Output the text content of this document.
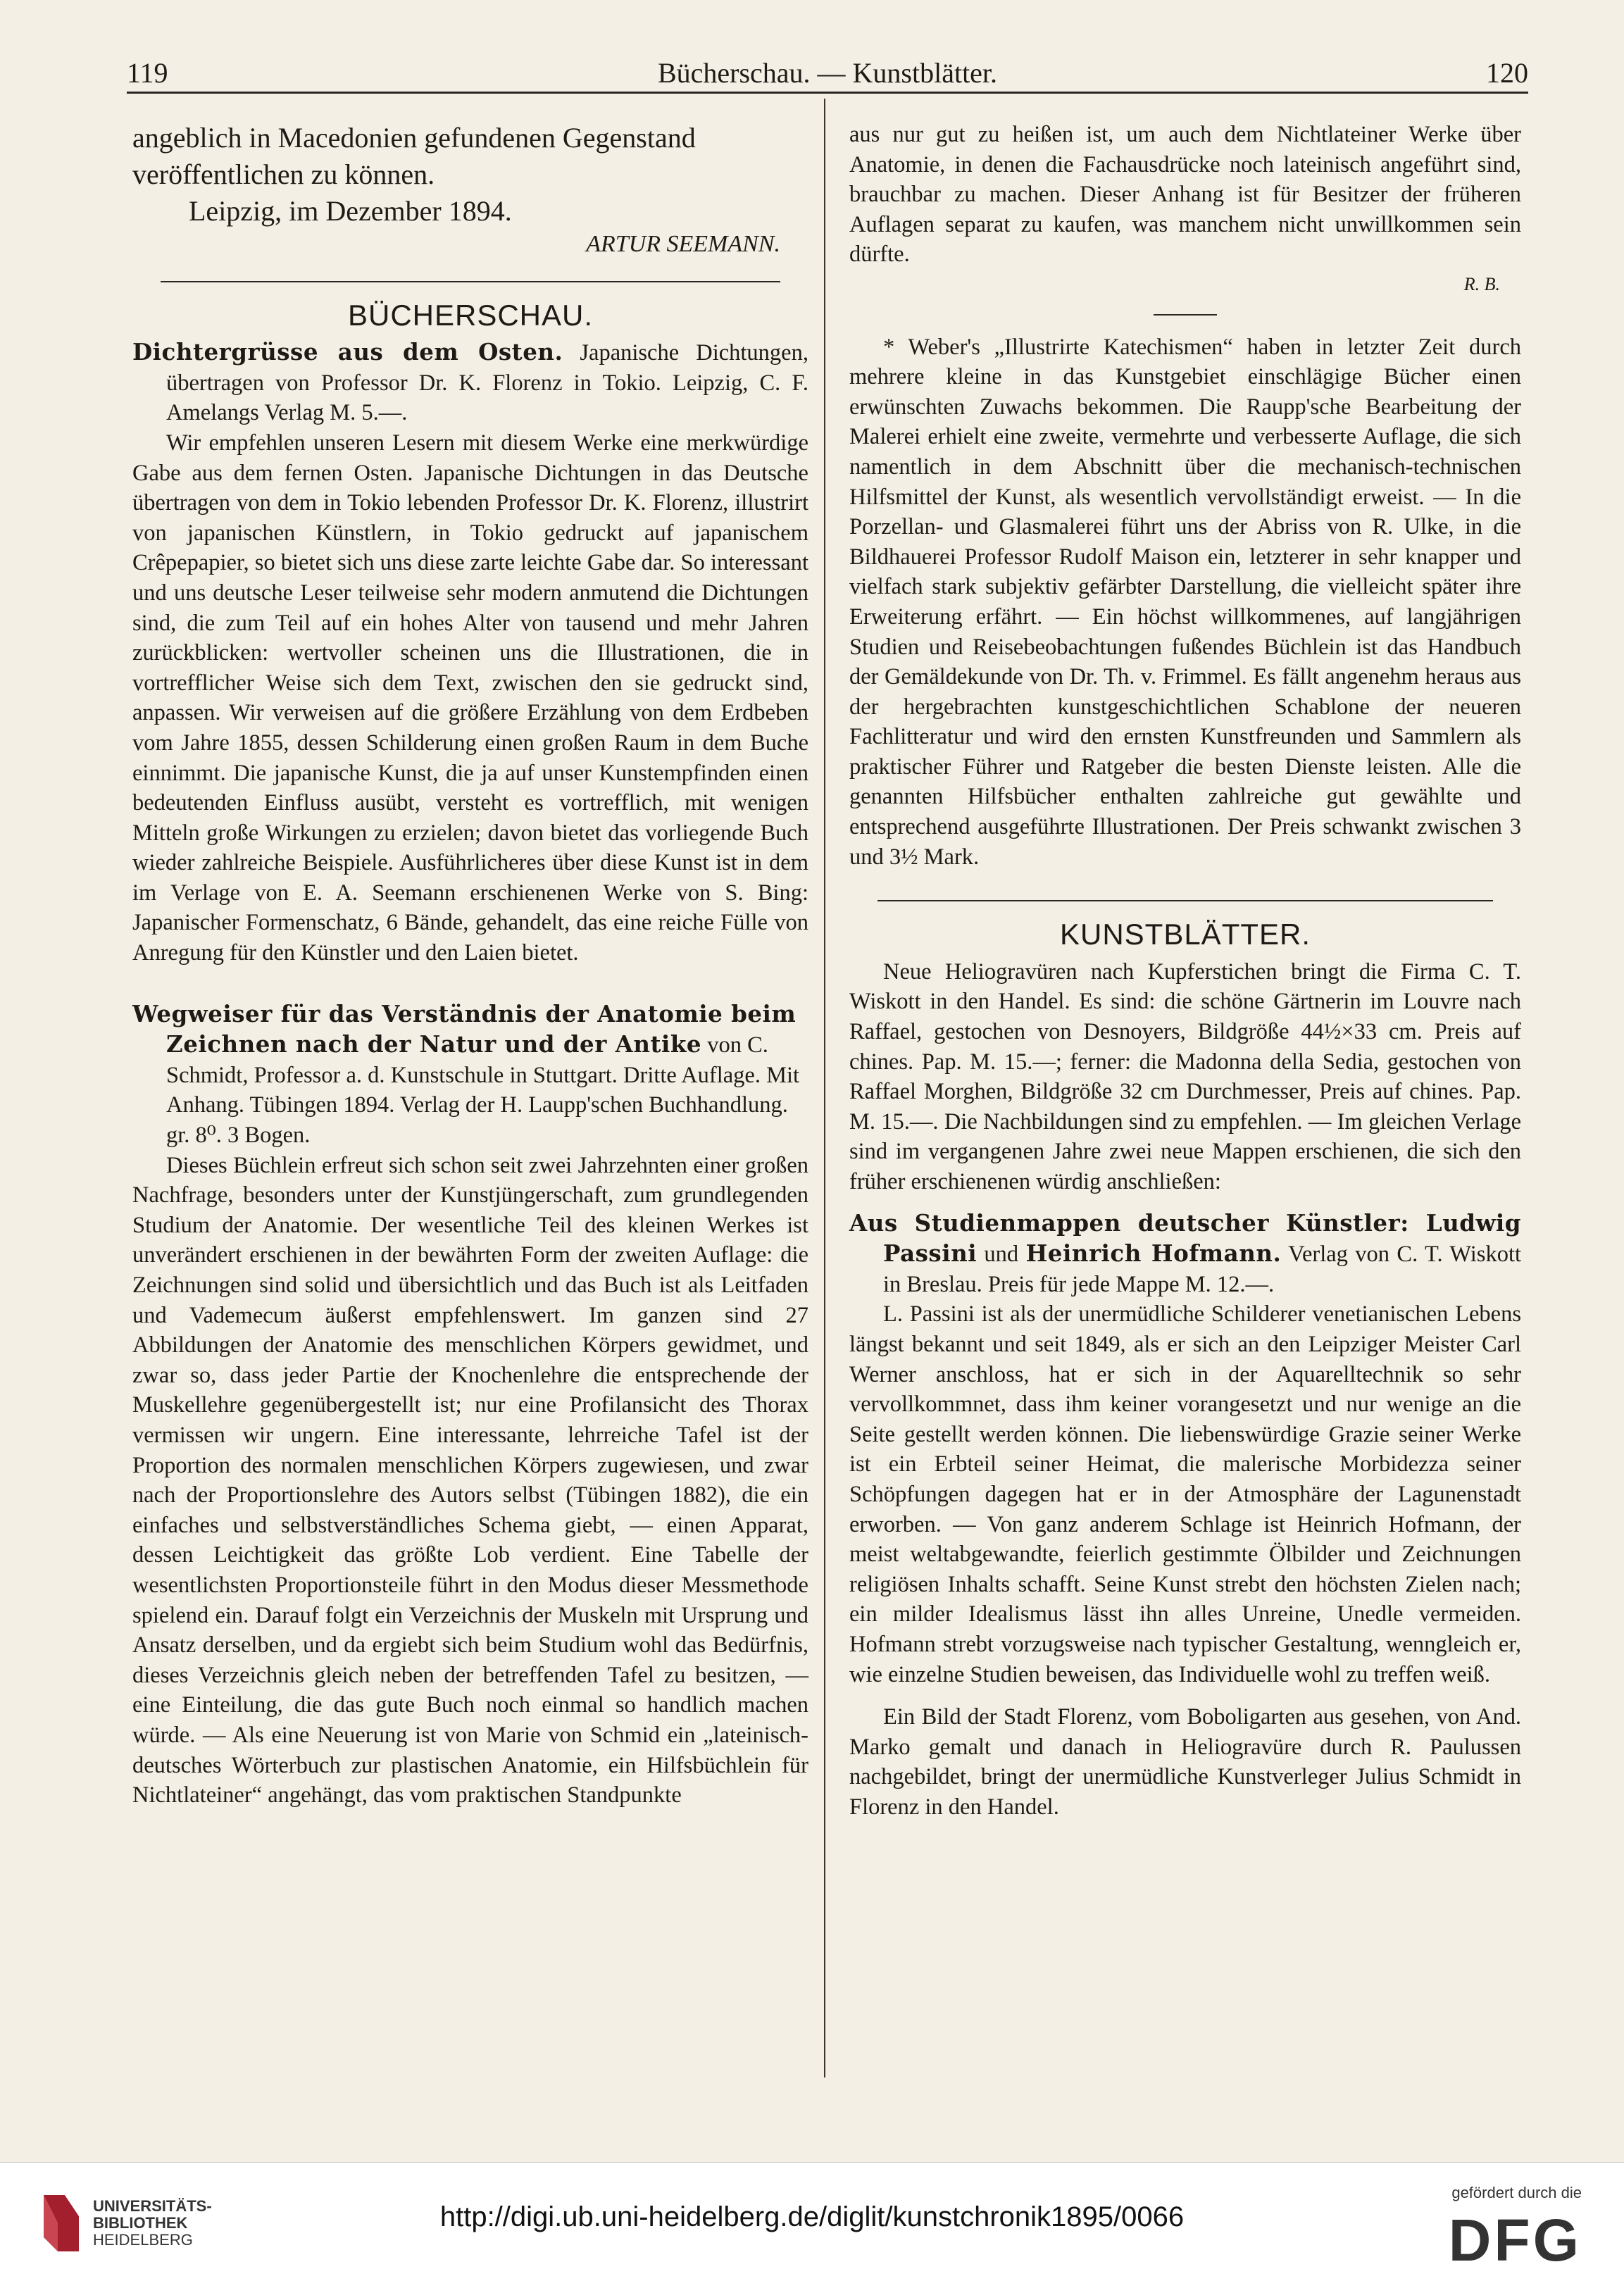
119	Bücherschau. — Kunstblätter.	120

angeblich in Macedonien gefundenen Gegenstand

veröffentlichen zu können.

Leipzig, im Dezember 1894.

ARTUR SEEMANN.

BÜCHERSCHAU.

Dichtergrüsse aus dem Osten. Japanische Dichtungen, übertragen von Professor Dr. K. Florenz in Tokio. Leipzig, C. F. Amelangs Verlag M. 5.—.

Wir empfehlen unseren Lesern mit diesem Werke eine merkwürdige Gabe aus dem fernen Osten. Japanische Dichtungen in das Deutsche übertragen von dem in Tokio lebenden Professor Dr. K. Florenz, illustrirt von japanischen Künstlern, in Tokio gedruckt auf japanischem Crêpepapier, so bietet sich uns diese zarte leichte Gabe dar. So interessant und uns deutsche Leser teilweise sehr modern anmutend die Dichtungen sind, die zum Teil auf ein hohes Alter von tausend und mehr Jahren zurückblicken: wertvoller scheinen uns die Illustrationen, die in vortrefflicher Weise sich dem Text, zwischen den sie gedruckt sind, anpassen. Wir verweisen auf die größere Erzählung von dem Erdbeben vom Jahre 1855, dessen Schilderung einen großen Raum in dem Buche einnimmt. Die japanische Kunst, die ja auf unser Kunstempfinden einen bedeutenden Einfluss ausübt, versteht es vortrefflich, mit wenigen Mitteln große Wirkungen zu erzielen; davon bietet das vorliegende Buch wieder zahlreiche Beispiele. Ausführlicheres über diese Kunst ist in dem im Verlage von E. A. Seemann erschienenen Werke von S. Bing: Japanischer Formenschatz, 6 Bände, gehandelt, das eine reiche Fülle von Anregung für den Künstler und den Laien bietet.

Wegweiser für das Verständnis der Anatomie beim Zeichnen nach der Natur und der Antike von C. Schmidt, Professor a. d. Kunstschule in Stuttgart. Dritte Auflage. Mit Anhang. Tübingen 1894. Verlag der H. Laupp'schen Buchhandlung. gr. 8⁰. 3 Bogen.

Dieses Büchlein erfreut sich schon seit zwei Jahrzehnten einer großen Nachfrage, besonders unter der Kunstjüngerschaft, zum grundlegenden Studium der Anatomie. Der wesentliche Teil des kleinen Werkes ist unverändert erschienen in der bewährten Form der zweiten Auflage: die Zeichnungen sind solid und übersichtlich und das Buch ist als Leitfaden und Vademecum äußerst empfehlenswert. Im ganzen sind 27 Abbildungen der Anatomie des menschlichen Körpers gewidmet, und zwar so, dass jeder Partie der Knochenlehre die entsprechende der Muskellehre gegenübergestellt ist; nur eine Profilansicht des Thorax vermissen wir ungern. Eine interessante, lehrreiche Tafel ist der Proportion des normalen menschlichen Körpers zugewiesen, und zwar nach der Proportionslehre des Autors selbst (Tübingen 1882), die ein einfaches und selbstverständliches Schema giebt, — einen Apparat, dessen Leichtigkeit das größte Lob verdient. Eine Tabelle der wesentlichsten Proportionsteile führt in den Modus dieser Messmethode spielend ein. Darauf folgt ein Verzeichnis der Muskeln mit Ursprung und Ansatz derselben, und da ergiebt sich beim Studium wohl das Bedürfnis, dieses Verzeichnis gleich neben der betreffenden Tafel zu besitzen, — eine Einteilung, die das gute Buch noch einmal so handlich machen würde. — Als eine Neuerung ist von Marie von Schmid ein „lateinisch-deutsches Wörterbuch zur plastischen Anatomie, ein Hilfsbüchlein für Nichtlateiner“ angehängt, das vom praktischen Standpunkte

aus nur gut zu heißen ist, um auch dem Nichtlateiner Werke über Anatomie, in denen die Fachausdrücke noch lateinisch angeführt sind, brauchbar zu machen. Dieser Anhang ist für Besitzer der früheren Auflagen separat zu kaufen, was manchem nicht unwillkommen sein dürfte.

R. B.

* Weber's „Illustrirte Katechismen“ haben in letzter Zeit durch mehrere kleine in das Kunstgebiet einschlägige Bücher einen erwünschten Zuwachs bekommen. Die Raupp'sche Bearbeitung der Malerei erhielt eine zweite, vermehrte und verbesserte Auflage, die sich namentlich in dem Abschnitt über die mechanisch-technischen Hilfsmittel der Kunst, als wesentlich vervollständigt erweist. — In die Porzellan- und Glasmalerei führt uns der Abriss von R. Ulke, in die Bildhauerei Professor Rudolf Maison ein, letzterer in sehr knapper und vielfach stark subjektiv gefärbter Darstellung, die vielleicht später ihre Erweiterung erfährt. — Ein höchst willkommenes, auf langjährigen Studien und Reisebeobachtungen fußendes Büchlein ist das Handbuch der Gemäldekunde von Dr. Th. v. Frimmel. Es fällt angenehm heraus aus der hergebrachten kunstgeschichtlichen Schablone der neueren Fachlitteratur und wird den ernsten Kunstfreunden und Sammlern als praktischer Führer und Ratgeber die besten Dienste leisten. Alle die genannten Hilfsbücher enthalten zahlreiche gut gewählte und entsprechend ausgeführte Illustrationen. Der Preis schwankt zwischen 3 und 3½ Mark.

KUNSTBLÄTTER.

Neue Heliogravüren nach Kupferstichen bringt die Firma C. T. Wiskott in den Handel. Es sind: die schöne Gärtnerin im Louvre nach Raffael, gestochen von Desnoyers, Bildgröße 44½×33 cm. Preis auf chines. Pap. M. 15.—; ferner: die Madonna della Sedia, gestochen von Raffael Morghen, Bildgröße 32 cm Durchmesser, Preis auf chines. Pap. M. 15.—. Die Nachbildungen sind zu empfehlen. — Im gleichen Verlage sind im vergangenen Jahre zwei neue Mappen erschienen, die sich den früher erschienenen würdig anschließen:

Aus Studienmappen deutscher Künstler: Ludwig Passini und Heinrich Hofmann. Verlag von C. T. Wiskott in Breslau. Preis für jede Mappe M. 12.—.

L. Passini ist als der unermüdliche Schilderer venetianischen Lebens längst bekannt und seit 1849, als er sich an den Leipziger Meister Carl Werner anschloss, hat er sich in der Aquarelltechnik so sehr vervollkommnet, dass ihm keiner vorangesetzt und nur wenige an die Seite gestellt werden können. Die liebenswürdige Grazie seiner Werke ist ein Erbteil seiner Heimat, die malerische Morbidezza seiner Schöpfungen dagegen hat er in der Atmosphäre der Lagunenstadt erworben. — Von ganz anderem Schlage ist Heinrich Hofmann, der meist weltabgewandte, feierlich gestimmte Ölbilder und Zeichnungen religiösen Inhalts schafft. Seine Kunst strebt den höchsten Zielen nach; ein milder Idealismus lässt ihn alles Unreine, Unedle vermeiden. Hofmann strebt vorzugsweise nach typischer Gestaltung, wenngleich er, wie einzelne Studien beweisen, das Individuelle wohl zu treffen weiß.

Ein Bild der Stadt Florenz, vom Boboligarten aus gesehen, von And. Marko gemalt und danach in Heliogravüre durch R. Paulussen nachgebildet, bringt der unermüdliche Kunstverleger Julius Schmidt in Florenz in den Handel.

UNIVERSITÄTS-
BIBLIOTHEK
HEIDELBERG
http://digi.ub.uni-heidelberg.de/diglit/kunstchronik1895/0066
gefördert durch die
DFG
